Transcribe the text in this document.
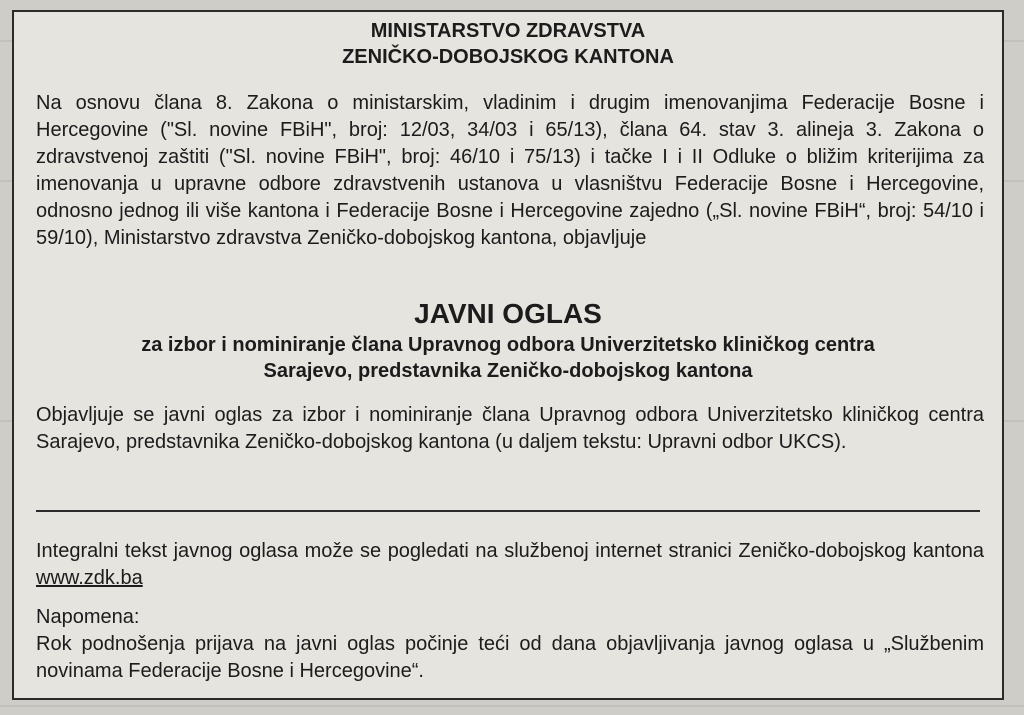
MINISTARSTVO ZDRAVSTVA
ZENIČKO-DOBOJSKOG KANTONA
Na osnovu člana 8. Zakona o ministarskim, vladinim i drugim imenovanjima Federacije Bosne i Hercegovine ("Sl. novine FBiH", broj: 12/03, 34/03 i 65/13), člana 64. stav 3. alineja 3. Zakona o zdravstvenoj zaštiti ("Sl. novine FBiH", broj: 46/10 i 75/13) i tačke I i II Odluke o bližim kriterijima za imenovanja u upravne odbore zdravstvenih ustanova u vlasništvu Federacije Bosne i Hercegovine, odnosno jednog ili više kantona i Federacije Bosne i Hercegovine zajedno („Sl. novine FBiH“, broj: 54/10 i 59/10), Ministarstvo zdravstva Zeničko-dobojskog kantona, objavljuje
JAVNI OGLAS
za izbor i nominiranje člana Upravnog odbora Univerzitetsko kliničkog centra
Sarajevo, predstavnika Zeničko-dobojskog kantona
Objavljuje se javni oglas za izbor i nominiranje člana Upravnog odbora Univerzitetsko kliničkog centra Sarajevo, predstavnika Zeničko-dobojskog kantona (u daljem tekstu: Upravni odbor UKCS).
Integralni tekst javnog oglasa može se pogledati na službenoj internet stranici Zeničko-dobojskog kantona www.zdk.ba
Napomena:
Rok podnošenja prijava na javni oglas počinje teći od dana objavljivanja javnog oglasa u „Službenim novinama Federacije Bosne i Hercegovine“.
